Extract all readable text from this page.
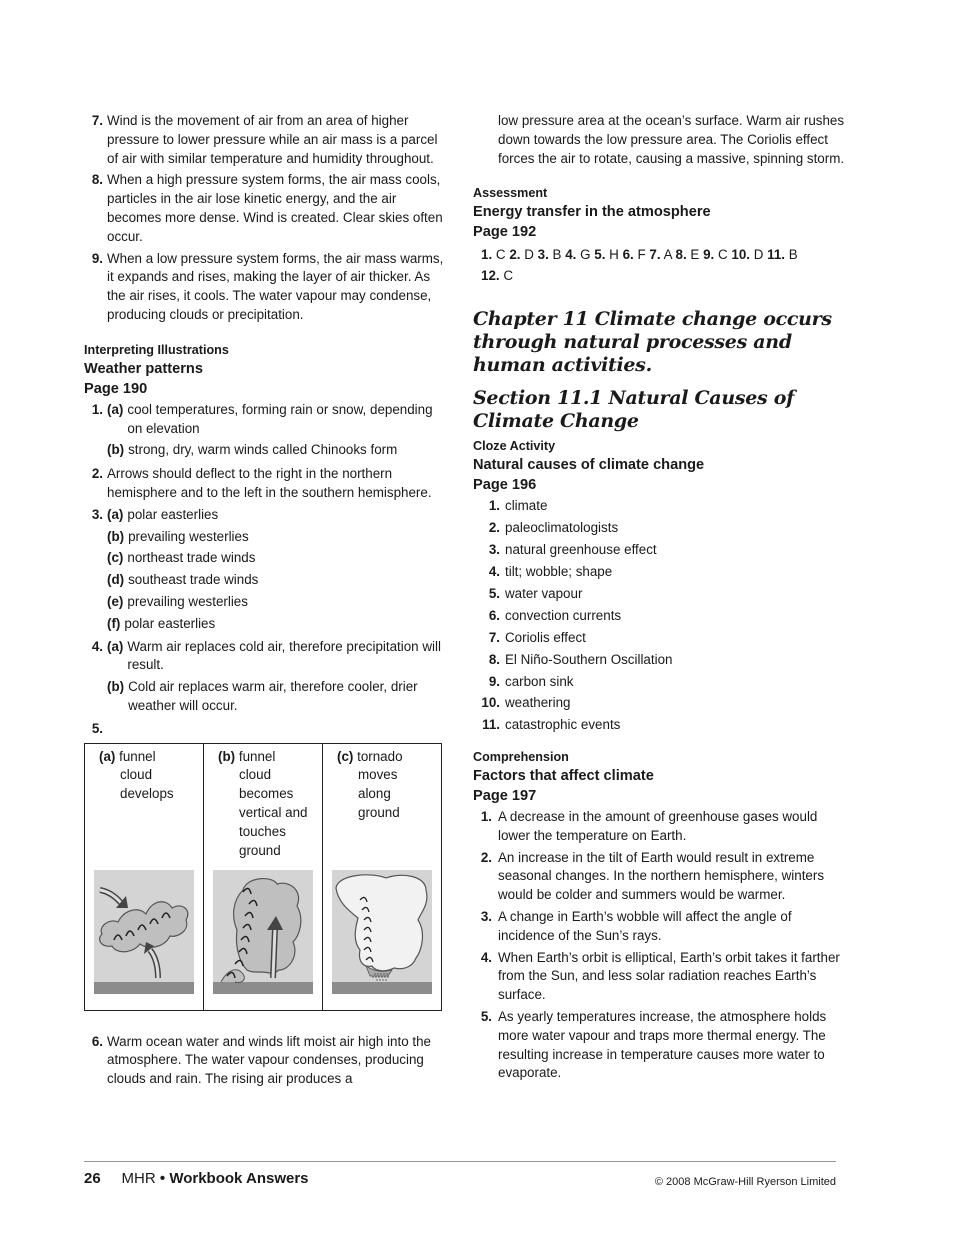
7. Wind is the movement of air from an area of higher pressure to lower pressure while an air mass is a parcel of air with similar temperature and humidity throughout.
8. When a high pressure system forms, the air mass cools, particles in the air lose kinetic energy, and the air becomes more dense. Wind is created. Clear skies often occur.
9. When a low pressure system forms, the air mass warms, it expands and rises, making the layer of air thicker. As the air rises, it cools. The water vapour may condense, producing clouds or precipitation.
Interpreting Illustrations
Weather patterns
Page 190
1. (a) cool temperatures, forming rain or snow, depending on elevation
(b) strong, dry, warm winds called Chinooks form
2. Arrows should deflect to the right in the northern hemisphere and to the left in the southern hemisphere.
3. (a) polar easterlies
(b) prevailing westerlies
(c) northeast trade winds
(d) southeast trade winds
(e) prevailing westerlies
(f) polar easterlies
4. (a) Warm air replaces cold air, therefore precipitation will result.
(b) Cold air replaces warm air, therefore cooler, drier weather will occur.
5.
(a) funnel
cloud
develops
(b) funnel
cloud
becomes
vertical and
touches
ground
(c) tornado
moves
along
ground
6. Warm ocean water and winds lift moist air high into the atmosphere. The water vapour condenses, producing clouds and rain. The rising air produces a
low pressure area at the ocean’s surface. Warm air rushes down towards the low pressure area. The Coriolis effect forces the air to rotate, causing a massive, spinning storm.
Assessment
Energy transfer in the atmosphere
Page 192
1. C 2. D 3. B 4. G 5. H 6. F 7. A 8. E 9. C 10. D 11. B
12. C
Chapter 11 Climate change occurs through natural processes and human activities.
Section 11.1 Natural Causes of Climate Change
Cloze Activity
Natural causes of climate change
Page 196
1. climate
2. paleoclimatologists
3. natural greenhouse effect
4. tilt; wobble; shape
5. water vapour
6. convection currents
7. Coriolis effect
8. El Niño-Southern Oscillation
9. carbon sink
10. weathering
11. catastrophic events
Comprehension
Factors that affect climate
Page 197
1. A decrease in the amount of greenhouse gases would lower the temperature on Earth.
2. An increase in the tilt of Earth would result in extreme seasonal changes. In the northern hemisphere, winters would be colder and summers would be warmer.
3. A change in Earth’s wobble will affect the angle of incidence of the Sun’s rays.
4. When Earth’s orbit is elliptical, Earth’s orbit takes it farther from the Sun, and less solar radiation reaches Earth’s surface.
5. As yearly temperatures increase, the atmosphere holds more water vapour and traps more thermal energy. The resulting increase in temperature causes more water to evaporate.
26 MHR • Workbook Answers	© 2008 McGraw-Hill Ryerson Limited
